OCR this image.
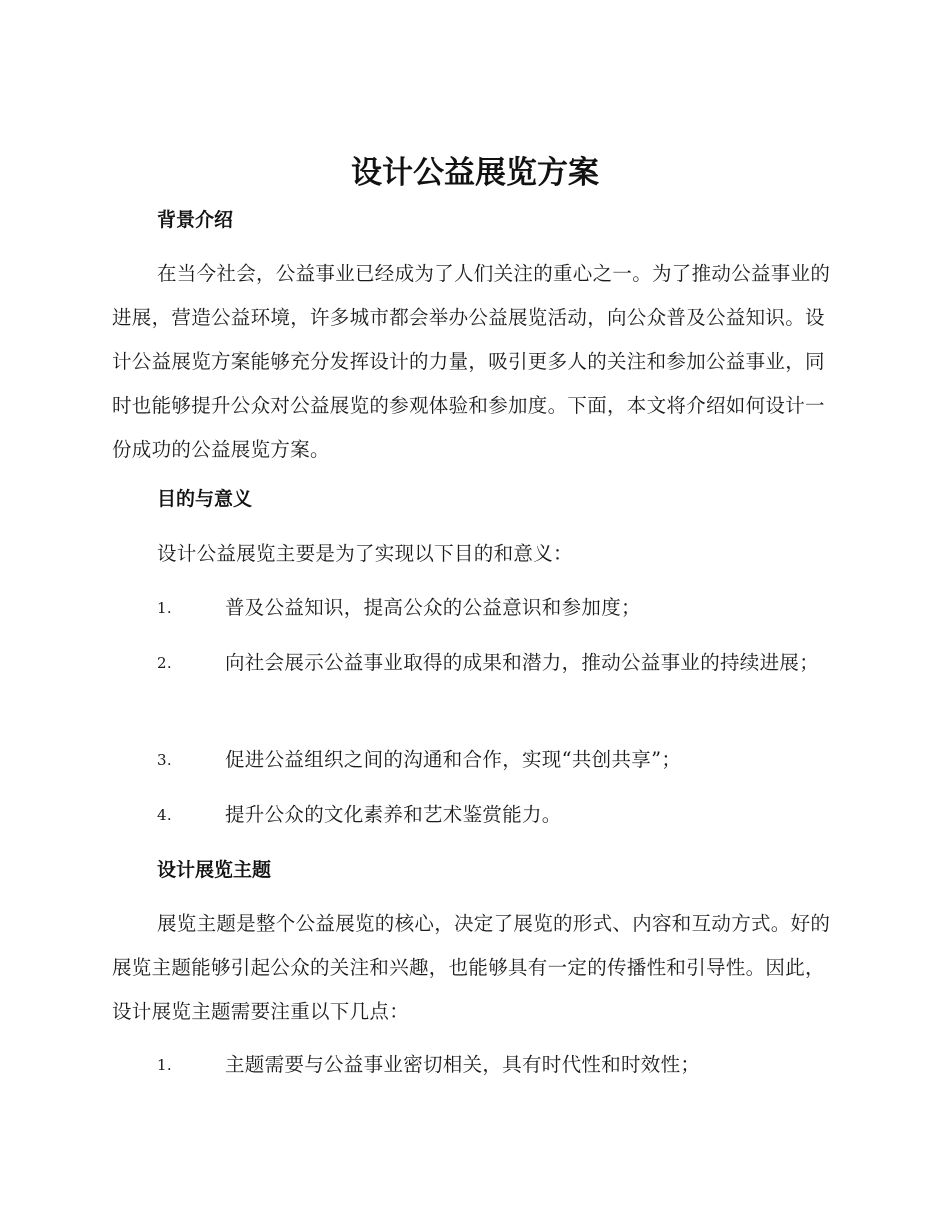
设计公益展览方案
背景介绍

在当今社会，公益事业已经成为了人们关注的重心之一。为了推动公益事业的进展，营造公益环境，许多城市都会举办公益展览活动，向公众普及公益知识。设计公益展览方案能够充分发挥设计的力量，吸引更多人的关注和参加公益事业，同时也能够提升公众对公益展览的参观体验和参加度。下面，本文将介绍如何设计一份成功的公益展览方案。

目的与意义

设计公益展览主要是为了实现以下目的和意义：

1.	普及公益知识，提高公众的公益意识和参加度；
2.	向社会展示公益事业取得的成果和潜力，推动公益事业的持续进展；
3.	促进公益组织之间的沟通和合作，实现“共创共享”；
4.	提升公众的文化素养和艺术鉴赏能力。
设计展览主题

展览主题是整个公益展览的核心，决定了展览的形式、内容和互动方式。好的展览主题能够引起公众的关注和兴趣，也能够具有一定的传播性和引导性。因此，设计展览主题需要注重以下几点：

1.	主题需要与公益事业密切相关，具有时代性和时效性；
